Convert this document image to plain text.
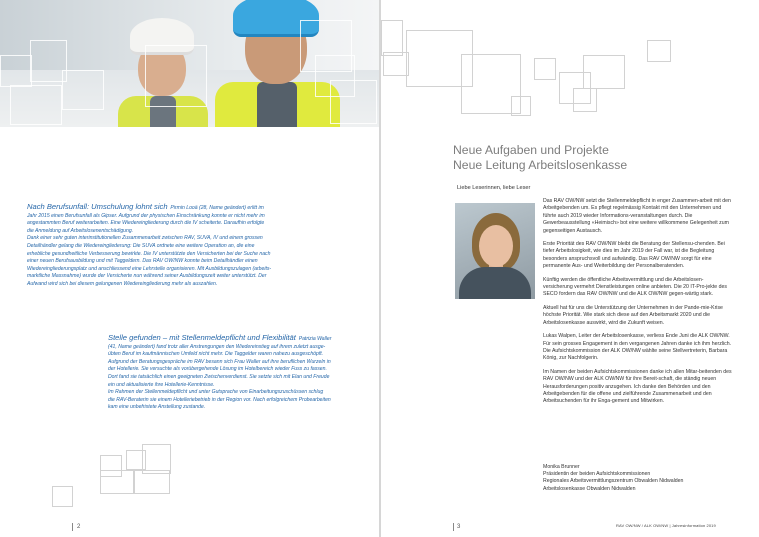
Nach Berufsunfall: Umschulung lohnt sich Pirmin Looä (28, Name geändert) erlitt im

Jahr 2015 einen Berufsunfall als Gipser. Aufgrund der physischen Einschränkung konnte er nicht mehr im

angestammten Beruf weiterarbeiten. Eine Wiedereingliederung durch die IV scheiterte. Daraufhin erfolgte

die Anmeldung auf Arbeitslosenentschädigung.

Dank einer sehr guten interinstitutionellen Zusammenarbeit zwischen RAV, SUVA, IV und einem grossen

Detailhändler gelang die Wiedereingliederung: Die SUVA ordnete eine weitere Operation an, die eine

erhebliche gesundheitliche Verbesserung bewirkte. Die IV unterstützte den Versicherten bei der Suche nach

einer neuen Berufsausbildung und mit Taggeldern. Das RAV OW/NW konnte beim Detailhändler einen

Wiedereingliederungsplatz und anschliessend eine Lehrstelle organisieren. Mit Ausbildungszulagen (arbeits-

marktliche Massnahme) wurde der Versicherte nun während seiner Ausbildungszeit weiter unterstützt. Der

Aufwand wird sich bei diesem gelungenen Wiedereingliederung mehr als auszahlen.

Stelle gefunden – mit Stellenmeldepflicht und Flexibilität Patrizia Waller

(41, Name geändert) fand trotz aller Anstrengungen den Wiedereinstieg auf ihrem zuletzt ausge-

übten Beruf im kaufmännischen Umfeld nicht mehr. Die Taggelder waren nahezu ausgeschöpft.

Aufgrund der Beratungsgespräche im RAV besann sich Frau Waller auf ihre beruflichen Wurzeln in

der Hotellerie. Sie versuchte als vorübergehende Lösung im Hotelbereich wieder Fuss zu fassen.

Dort fand sie tatsächlich einen geeigneten Zwischenverdienst. Sie setzte sich mit Elan und Freude

ein und aktualisierte ihre Hotellerie-Kenntnisse.

Im Rahmen der Stellenmeldepflicht und unter Gutsprache von Einarbeitungszuschüssen schlug

die RAV-Beraterin sie einem Hotelleriebetrieb in der Region vor. Nach erfolgreichem Probearbeiten

kam eine unbefristete Anstellung zustande.

2
Neue Aufgaben und Projekte
Neue Leitung Arbeitslosenkasse
Liebe Leserinnen, liebe Leser

Das RAV OW/NW setzt die Stellenmeldepflicht in enger Zusammen-arbeit mit den Arbeitgebenden um. Es pflegt regelmässig Kontakt mit den Unternehmen und führte auch 2019 wieder Informations-veranstaltungen durch. Die Gewerbeausstellung «Heimisch» bot eine weitere willkommene Gelegenheit zum gegenseitigen Austausch.

Erste Priorität des RAV OW/NW bleibt die Beratung der Stellensu-chenden. Bei tiefer Arbeitslosigkeit, wie dies im Jahr 2019 der Fall war, ist die Begleitung besonders anspruchsvoll und aufwändig. Das RAV OW/NW sorgt für eine permanente Aus- und Weiterbildung der Personalberatenden.

Künftig werden die öffentliche Arbeitsvermittlung und die Arbeitslosen-versicherung vermehrt Dienstleistungen online anbieten. Die 20 IT-Pro-jekte des SECO fordern das RAV OW/NW und die ALK OW/NW gegen-wärtig stark.

Aktuell hat für uns die Unterstützung der Unternehmen in der Pande-mie-Krise höchste Priorität. Wie stark sich diese auf den Arbeitsmarkt 2020 und die Arbeitslosenkasse auswirkt, wird die Zukunft weisen.

Lukas Walpen, Leiter der Arbeitslosenkasse, verliess Ende Juni die ALK OW/NW. Für sein grosses Engagement in den vergangenen Jahren danke ich ihm herzlich. Die Aufsichtskommission der ALK OW/NW wählte seine Stellvertreterin, Barbara König, zur Nachfolgerin.

Im Namen der beiden Aufsichtskommissionen danke ich allen Mitar-beitenden des RAV OW/NW und der ALK OW/NW für ihre Bereit-schaft, die ständig neuen Herausforderungen positiv anzugehen. Ich danke den Behörden und den Arbeitgebenden für die offene und zielführende Zusammenarbeit und den Arbeitsuchenden für ihr Enga-gement und Mitwirken.

Monika Brunner

Präsidentin der beiden Aufsichtskommissionen

Regionales Arbeitsvermittlungszentrum Obwalden Nidwalden

Arbeitslosenkasse Obwalden Nidwalden

3	RAV OW/NW / ALK OW/NW | Jahresinformation 2019
